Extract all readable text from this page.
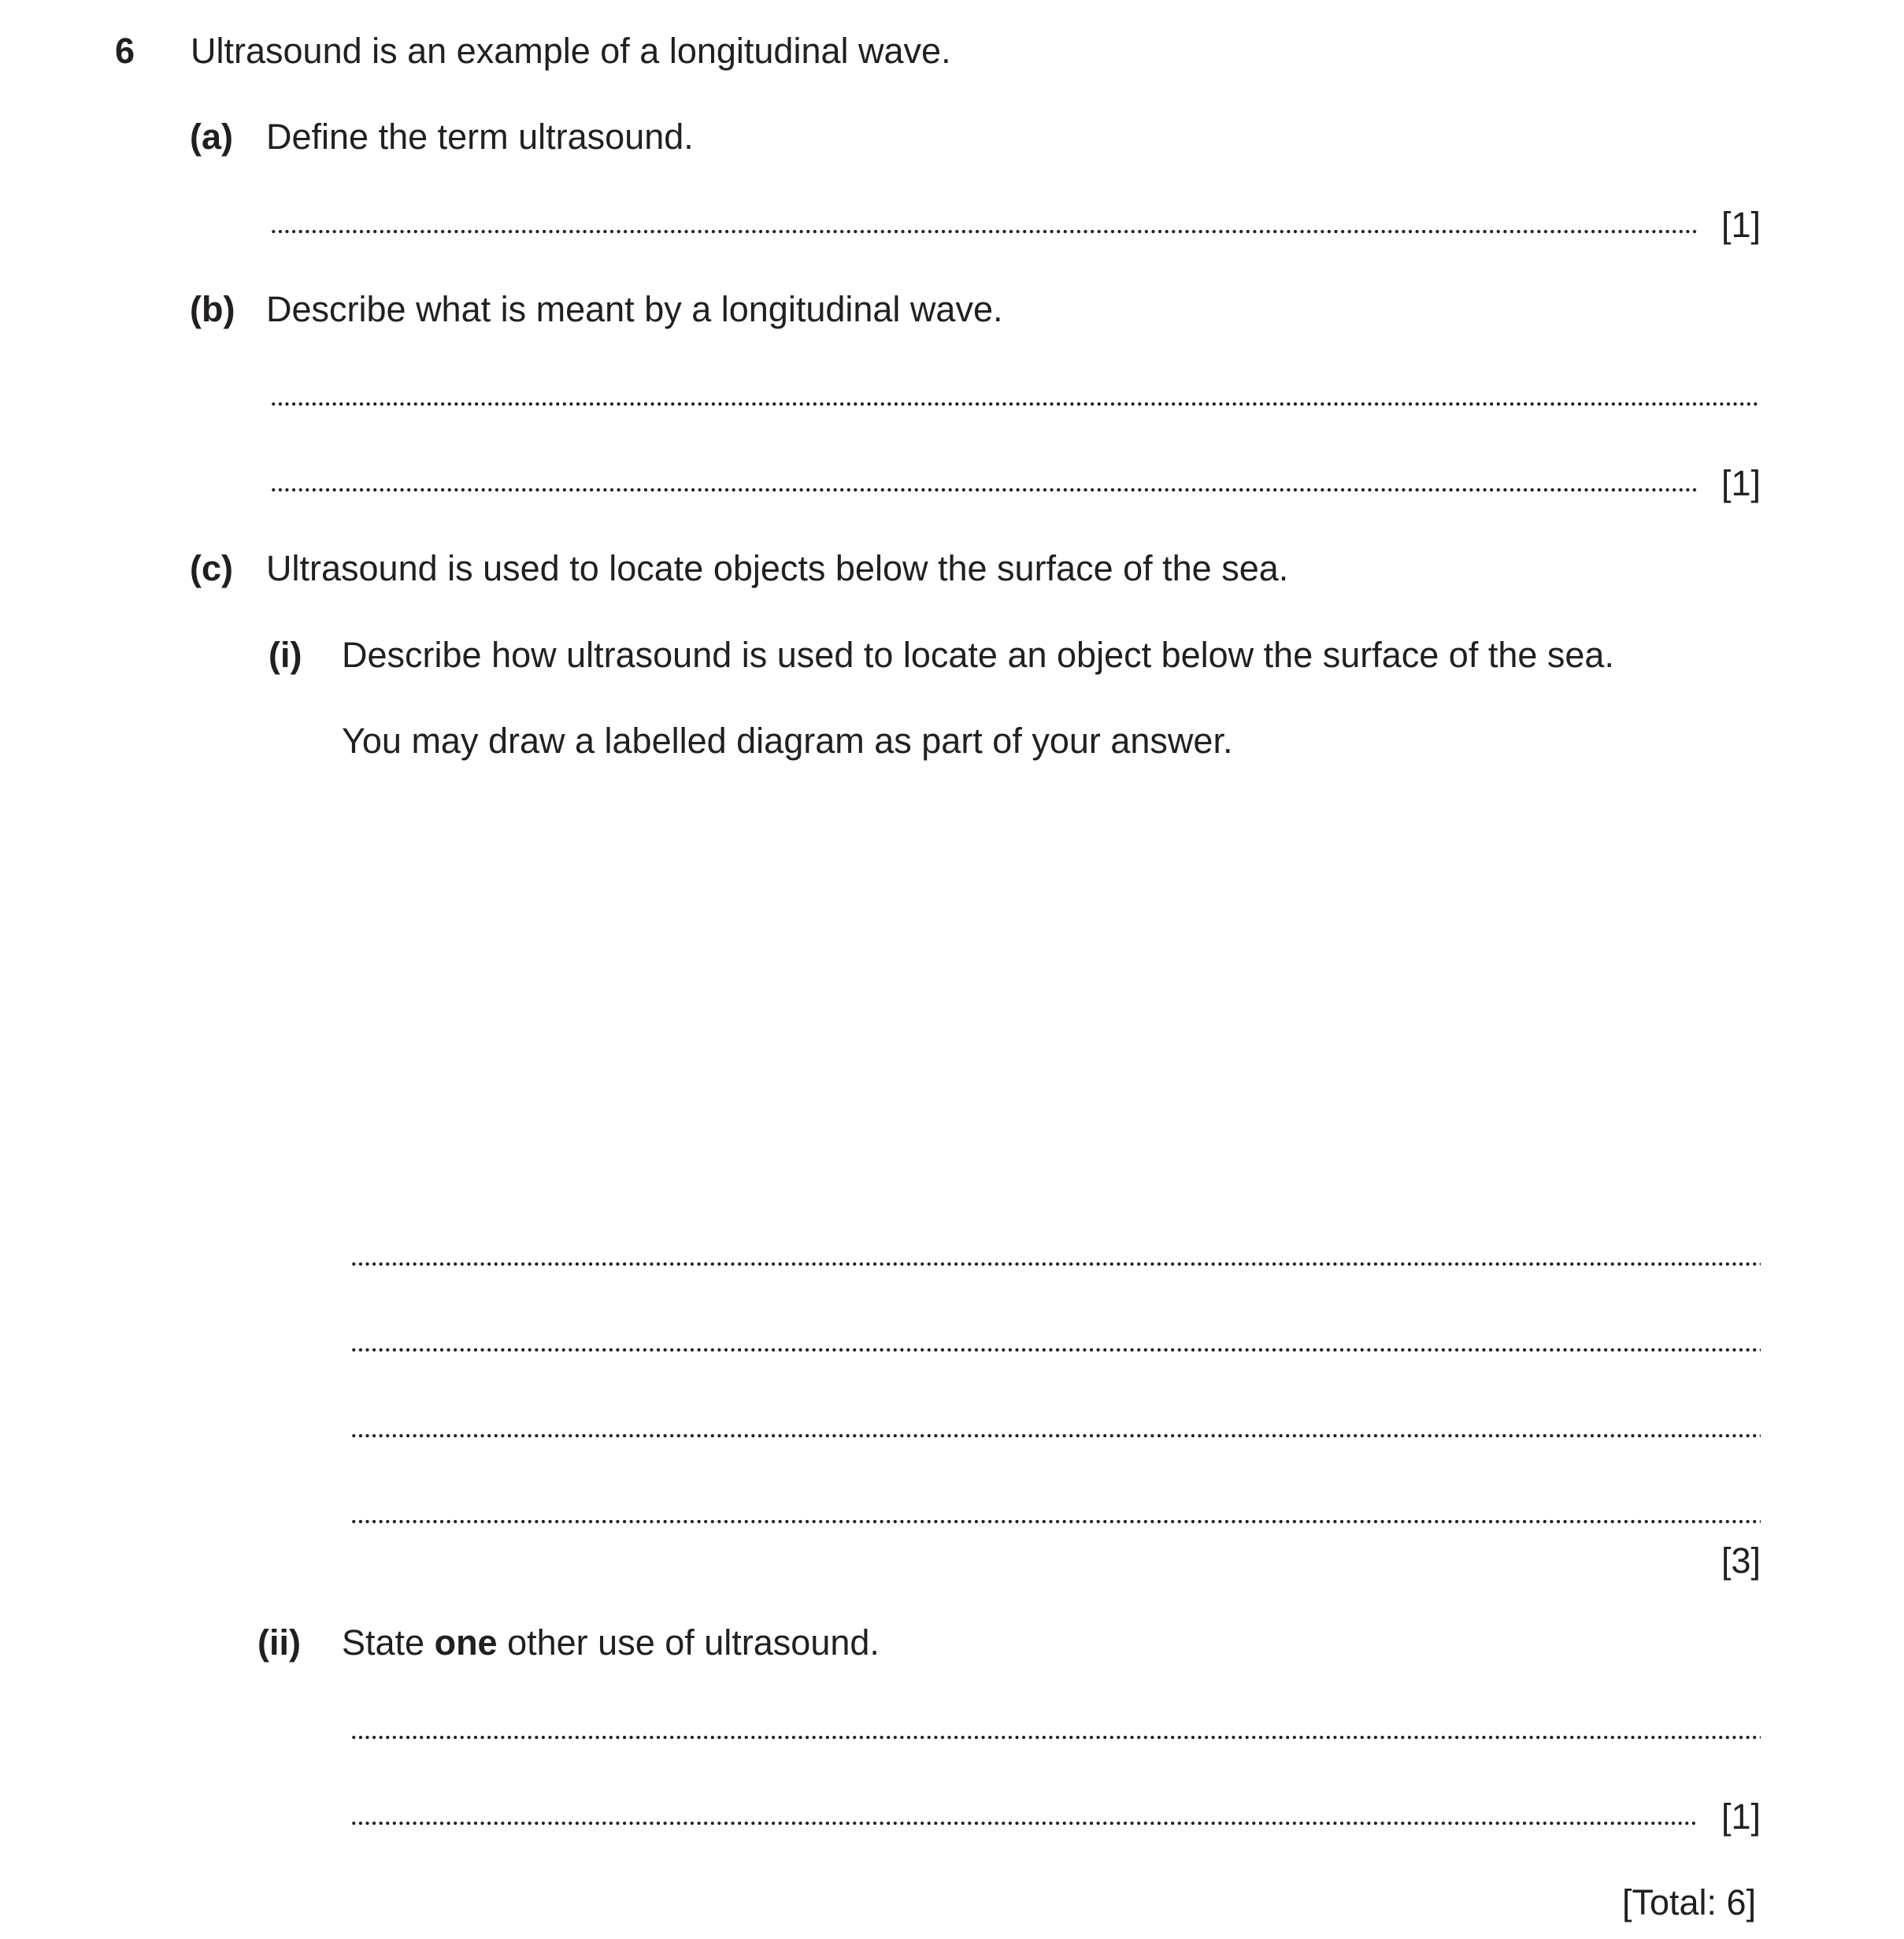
6 Ultrasound is an example of a longitudinal wave.
(a) Define the term ultrasound.
[1]
(b) Describe what is meant by a longitudinal wave.
[1]
(c) Ultrasound is used to locate objects below the surface of the sea.
(i) Describe how ultrasound is used to locate an object below the surface of the sea.
You may draw a labelled diagram as part of your answer.
[3]
(ii) State one other use of ultrasound.
[1]
[Total: 6]
